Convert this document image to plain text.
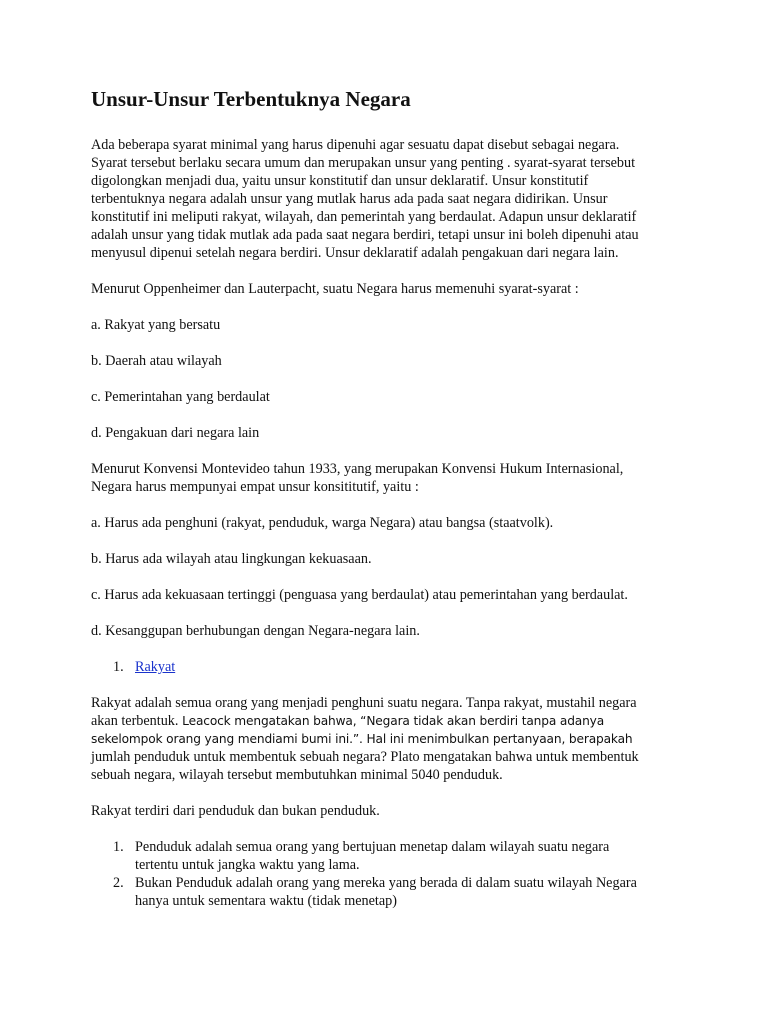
Unsur-Unsur Terbentuknya Negara

Ada beberapa syarat minimal yang harus dipenuhi agar sesuatu dapat disebut sebagai negara.
Syarat tersebut berlaku secara umum dan merupakan unsur yang penting . syarat-syarat tersebut
digolongkan menjadi dua, yaitu unsur konstitutif dan unsur deklaratif. Unsur konstitutif
terbentuknya negara adalah unsur yang mutlak harus ada pada saat negara didirikan. Unsur
konstitutif ini meliputi rakyat, wilayah, dan pemerintah yang berdaulat. Adapun unsur deklaratif
adalah unsur yang tidak mutlak ada pada saat negara berdiri, tetapi unsur ini boleh dipenuhi atau
menyusul dipenui setelah negara berdiri. Unsur deklaratif adalah pengakuan dari negara lain.

Menurut Oppenheimer dan Lauterpacht, suatu Negara harus memenuhi syarat-syarat :

a. Rakyat yang bersatu

b. Daerah atau wilayah

c. Pemerintahan yang berdaulat

d. Pengakuan dari negara lain

Menurut Konvensi Montevideo tahun 1933, yang merupakan Konvensi Hukum Internasional,
Negara harus mempunyai empat unsur konsititutif, yaitu :

a. Harus ada penghuni (rakyat, penduduk, warga Negara) atau bangsa (staatvolk).

b. Harus ada wilayah atau lingkungan kekuasaan.

c. Harus ada kekuasaan tertinggi (penguasa yang berdaulat) atau pemerintahan yang berdaulat.

d. Kesanggupan berhubungan dengan Negara-negara lain.

1. Rakyat

Rakyat adalah semua orang yang menjadi penghuni suatu negara. Tanpa rakyat, mustahil negara
akan terbentuk. Leacock mengatakan bahwa, “Negara tidak akan berdiri tanpa adanya
sekelompok orang yang mendiami bumi ini.”. Hal ini menimbulkan pertanyaan, berapakah
jumlah penduduk untuk membentuk sebuah negara? Plato mengatakan bahwa untuk membentuk
sebuah negara, wilayah tersebut membutuhkan minimal 5040 penduduk.

Rakyat terdiri dari penduduk dan bukan penduduk.

1. Penduduk adalah semua orang yang bertujuan menetap dalam wilayah suatu negara
tertentu untuk jangka waktu yang lama.
2. Bukan Penduduk adalah orang yang mereka yang berada di dalam suatu wilayah Negara
hanya untuk sementara waktu (tidak menetap)
